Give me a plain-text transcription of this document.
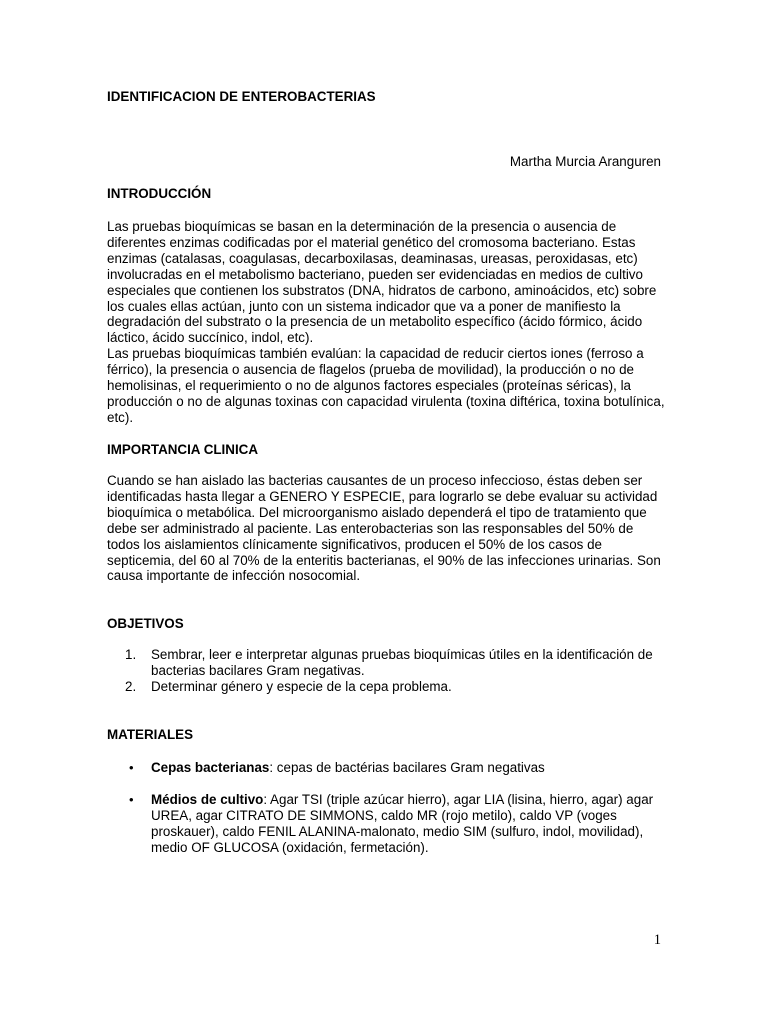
IDENTIFICACION DE ENTEROBACTERIAS
Martha Murcia Aranguren
INTRODUCCIÓN

Las pruebas bioquímicas se basan en la determinación de la presencia o ausencia de diferentes enzimas codificadas por el material genético del cromosoma bacteriano. Estas enzimas (catalasas, coagulasas, decarboxilasas, deaminasas, ureasas, peroxidasas, etc) involucradas en el metabolismo bacteriano, pueden ser evidenciadas en medios de cultivo especiales que contienen los substratos (DNA, hidratos de carbono, aminoácidos, etc) sobre los cuales ellas actúan, junto con un sistema indicador que va a poner de manifiesto la degradación del substrato o la presencia de un metabolito específico (ácido fórmico, ácido láctico, ácido succínico, indol, etc).

Las pruebas bioquímicas también evalúan: la capacidad de reducir ciertos iones (ferroso a férrico), la presencia o ausencia de flagelos (prueba de movilidad), la producción o no de hemolisinas, el requerimiento o no de algunos factores especiales (proteínas séricas), la producción o no de algunas toxinas con capacidad virulenta (toxina diftérica, toxina botulínica, etc).

IMPORTANCIA CLINICA

Cuando se han aislado las bacterias causantes de un proceso infeccioso, éstas deben ser identificadas hasta llegar a GENERO Y ESPECIE, para lograrlo se debe evaluar su actividad bioquímica o metabólica. Del microorganismo aislado dependerá el tipo de tratamiento que debe ser administrado al paciente. Las enterobacterias son las responsables del 50% de todos los aislamientos clínicamente significativos, producen el 50% de los casos de septicemia, del 60 al 70% de la enteritis bacterianas, el 90% de las infecciones urinarias. Son causa importante de infección nosocomial.

OBJETIVOS
1. Sembrar, leer e interpretar algunas pruebas bioquímicas útiles en la identificación de bacterias bacilares Gram negativas.
2. Determinar género y especie de la cepa problema.
MATERIALES
• Cepas bacterianas: cepas de bactérias bacilares Gram negativas
• Médios de cultivo: Agar TSI (triple azúcar hierro), agar LIA (lisina, hierro, agar) agar UREA, agar CITRATO DE SIMMONS, caldo MR (rojo metilo), caldo VP (voges proskauer), caldo FENIL ALANINA-malonato, medio SIM (sulfuro, indol, movilidad), medio OF GLUCOSA (oxidación, fermetación).
1
